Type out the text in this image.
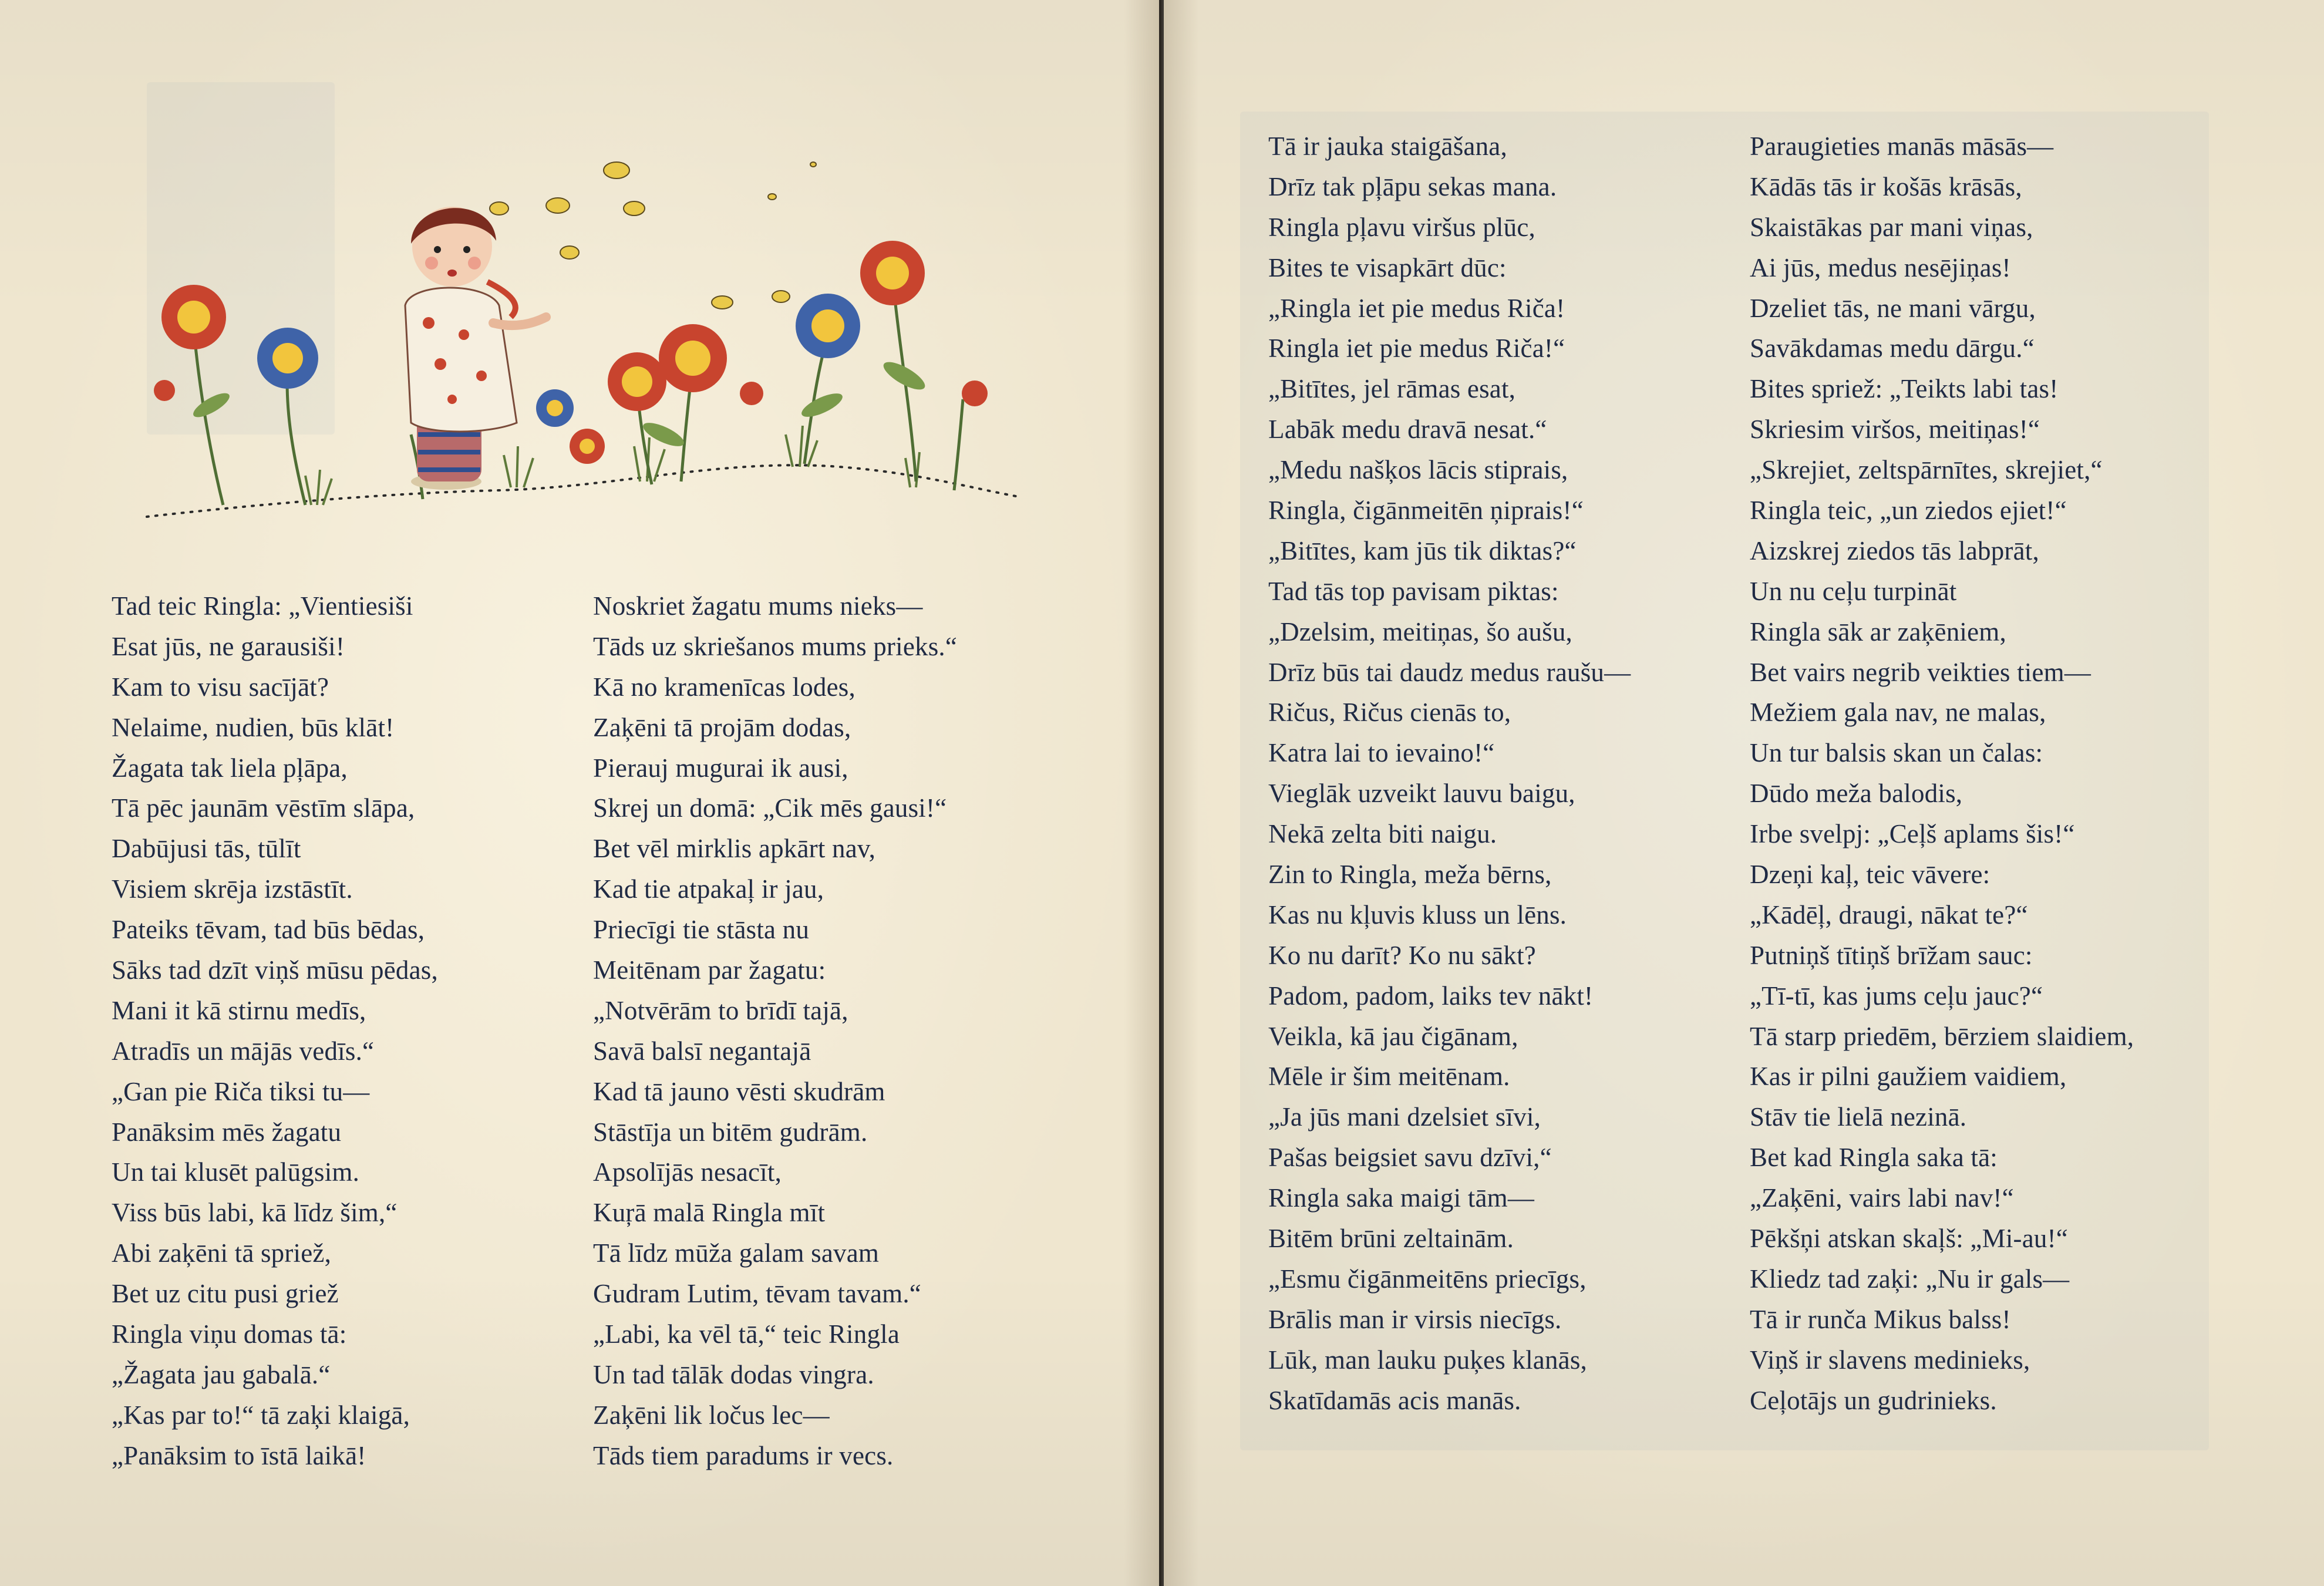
Tad teic Ringla: „Vientiesiši
Esat jūs, ne garausiši!
Kam to visu sacījāt?
Nelaime, nudien, būs klāt!
Žagata tak liela pļāpa,
Tā pēc jaunām vēstīm slāpa,
Dabūjusi tās, tūlīt
Visiem skrēja izstāstīt.
Pateiks tēvam, tad būs bēdas,
Sāks tad dzīt viņš mūsu pēdas,
Mani it kā stirnu medīs,
Atradīs un mājās vedīs.“
„Gan pie Riča tiksi tu—
Panāksim mēs žagatu
Un tai klusēt palūgsim.
Viss būs labi, kā līdz šim,“
Abi zaķēni tā spriež,
Bet uz citu pusi griež
Ringla viņu domas tā:
„Žagata jau gabalā.“
„Kas par to!“ tā zaķi klaigā,
„Panāksim to īstā laikā!
Noskriet žagatu mums nieks—
Tāds uz skriešanos mums prieks.“
Kā no kramenīcas lodes,
Zaķēni tā projām dodas,
Pierauj mugurai ik ausi,
Skrej un domā: „Cik mēs gausi!“
Bet vēl mirklis apkārt nav,
Kad tie atpakaļ ir jau,
Priecīgi tie stāsta nu
Meitēnam par žagatu:
„Notvērām to brīdī tajā,
Savā balsī negantajā
Kad tā jauno vēsti skudrām
Stāstīja un bitēm gudrām.
Apsolījās nesacīt,
Kuŗā malā Ringla mīt
Tā līdz mūža galam savam
Gudram Lutim, tēvam tavam.“
„Labi, ka vēl tā,“ teic Ringla
Un tad tālāk dodas vingra.
Zaķēni lik ločus lec—
Tāds tiem paradums ir vecs.
Tā ir jauka staigāšana,
Drīz tak pļāpu sekas mana.
Ringla pļavu viršus plūc,
Bites te visapkārt dūc:
„Ringla iet pie medus Riča!
Ringla iet pie medus Riča!“
„Bitītes, jel rāmas esat,
Labāk medu dravā nesat.“
„Medu našķos lācis stiprais,
Ringla, čigānmeitēn ņiprais!“
„Bitītes, kam jūs tik diktas?“
Tad tās top pavisam piktas:
„Dzelsim, meitiņas, šo aušu,
Drīz būs tai daudz medus raušu—
Ričus, Ričus cienās to,
Katra lai to ievaino!“
Vieglāk uzveikt lauvu baigu,
Nekā zelta biti naigu.
Zin to Ringla, meža bērns,
Kas nu kļuvis kluss un lēns.
Ko nu darīt? Ko nu sākt?
Padom, padom, laiks tev nākt!
Veikla, kā jau čigānam,
Mēle ir šim meitēnam.
„Ja jūs mani dzelsiet sīvi,
Pašas beigsiet savu dzīvi,“
Ringla saka maigi tām—
Bitēm brūni zeltainām.
„Esmu čigānmeitēns priecīgs,
Brālis man ir virsis niecīgs.
Lūk, man lauku puķes klanās,
Skatīdamās acis manās.
Paraugieties manās māsās—
Kādās tās ir košās krāsās,
Skaistākas par mani viņas,
Ai jūs, medus nesējiņas!
Dzeliet tās, ne mani vārgu,
Savākdamas medu dārgu.“
Bites spriež: „Teikts labi tas!
Skriesim viršos, meitiņas!“
„Skrejiet, zeltspārnītes, skrejiet,“
Ringla teic, „un ziedos ejiet!“
Aizskrej ziedos tās labprāt,
Un nu ceļu turpināt
Ringla sāk ar zaķēniem,
Bet vairs negrib veikties tiem—
Mežiem gala nav, ne malas,
Un tur balsis skan un čalas:
Dūdo meža balodis,
Irbe svelpj: „Ceļš aplams šis!“
Dzeņi kaļ, teic vāvere:
„Kādēļ, draugi, nākat te?“
Putniņš tītiņš brīžam sauc:
„Tī-tī, kas jums ceļu jauc?“
Tā starp priedēm, bērziem slaidiem,
Kas ir pilni gaužiem vaidiem,
Stāv tie lielā nezinā.
Bet kad Ringla saka tā:
„Zaķēni, vairs labi nav!“
Pēkšņi atskan skaļš: „Mi-au!“
Kliedz tad zaķi: „Nu ir gals—
Tā ir runča Mikus balss!
Viņš ir slavens medinieks,
Ceļotājs un gudrinieks.
